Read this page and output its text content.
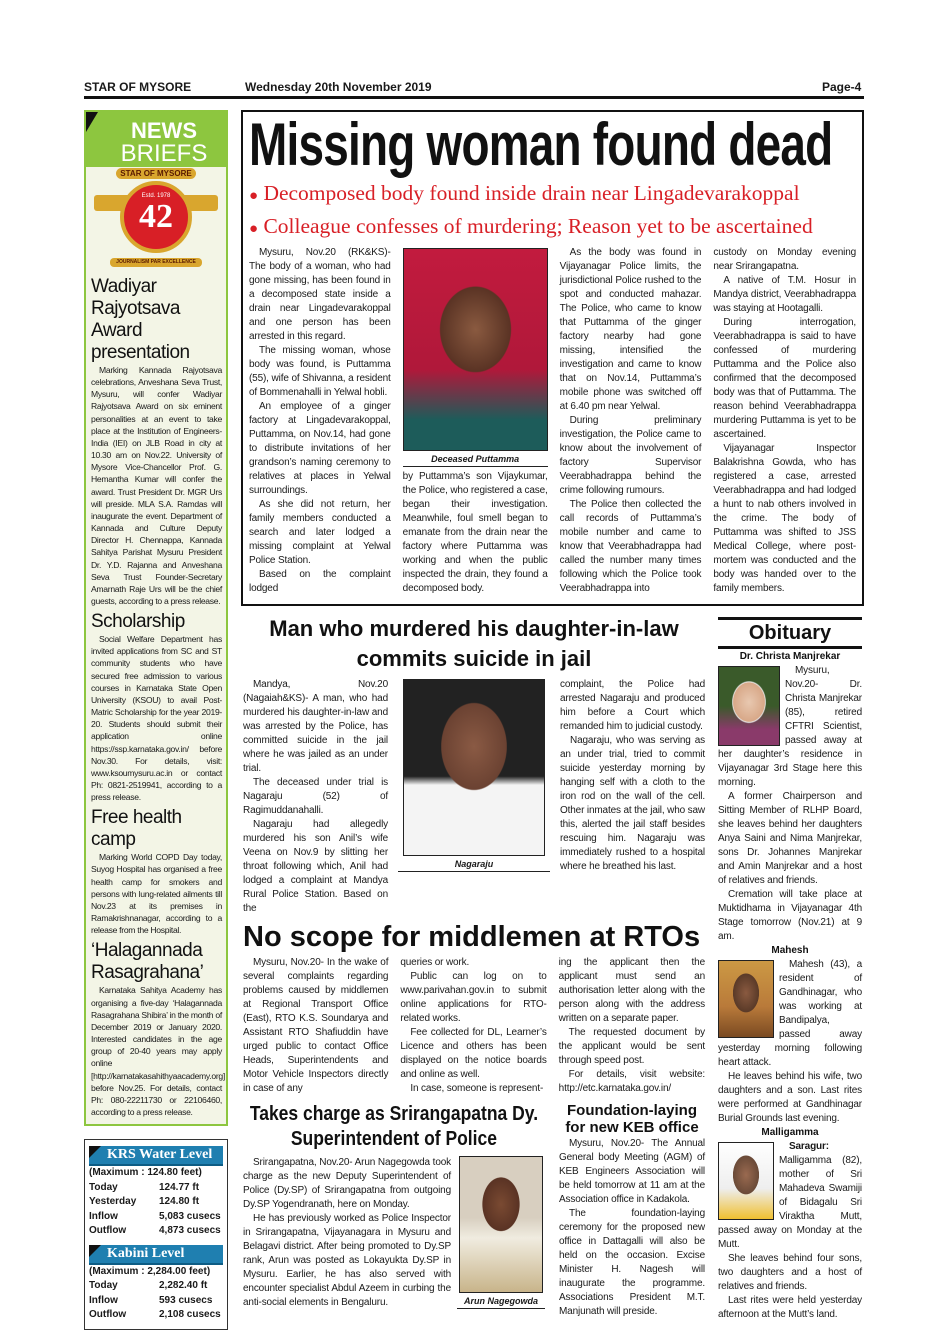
STAR OF MYSORE	Wednesday 20th November 2019	Page-4
NEWS
BRIEFS
Estd. 1978
42
STAR OF MYSORE
JOURNALISM PAR EXCELLENCE
Wadiyar Rajyotsava Award presentation

Marking Kannada Rajyotsava celebrations, Anveshana Seva Trust, Mysuru, will confer Wadiyar Rajyotsava Award on six eminent personalities at an event to take place at the Institution of Engineers-India (IEI) on JLB Road in city at 10.30 am on Nov.22. University of Mysore Vice-Chancellor Prof. G. Hemantha Kumar will confer the award. Trust President Dr. MGR Urs will preside. MLA S.A. Ramdas will inaugurate the event. Department of Kannada and Culture Deputy Director H. Chennappa, Kannada Sahitya Parishat Mysuru President Dr. Y.D. Rajanna and Anveshana Seva Trust Founder-Secretary Amarnath Raje Urs will be the chief guests, according to a press release.

Scholarship

Social Welfare Department has invited applications from SC and ST community students who have secured free admission to various courses in Karnataka State Open University (KSOU) to avail Post-Matric Scholarship for the year 2019-20. Students should submit their application online https://ssp.karnataka.gov.in/ before Nov.30. For details, visit: www.ksoumysuru.ac.in or contact Ph: 0821-2519941, according to a press release.

Free health camp

Marking World COPD Day today, Suyog Hospital has organised a free health camp for smokers and persons with lung-related ailments till Nov.23 at its premises in Ramakrishnanagar, according to a release from the Hospital.

‘Halagannada Rasagrahana’

Karnataka Sahitya Academy has organising a five-day ‘Halagannada Rasagrahana Shibira’ in the month of December 2019 or January 2020. Interested candidates in the age group of 20-40 years may apply online [http://karnatakasahithyaacademy.org] before Nov.25. For details, contact Ph: 080-22211730 or 22106460, according to a press release.

KRS Water Level
(Maximum : 124.80 feet)
Today	124.77 ft
Yesterday	124.80 ft
Inflow	5,083 cusecs
Outflow	4,873 cusecs
Kabini Level
(Maximum : 2,284.00 feet)
Today	2,282.40 ft
Inflow	593 cusecs
Outflow	2,108 cusecs
Missing woman found dead
● Decomposed body found inside drain near Lingadevarakoppal
● Colleague confesses of murdering; Reason yet to be ascertained

Mysuru, Nov.20 (RK&KS)- The body of a woman, who had gone missing, has been found in a decomposed state inside a drain near Lingadevarakoppal and one person has been arrested in this regard.

The missing woman, whose body was found, is Puttamma (55), wife of Shivanna, a resident of Bommenahalli in Yelwal hobli.

An employee of a ginger factory at Lingadevarakoppal, Puttamma, on Nov.14, had gone to distribute invitations of her grandson’s naming ceremony to relatives at places in Yelwal surroundings.

As she did not return, her family members conducted a search and later lodged a missing complaint at Yelwal Police Station.

Based on the complaint lodged

Deceased Puttamma

by Puttamma’s son Vijaykumar, the Police, who registered a case, began their investigation. Meanwhile, foul smell began to emanate from the drain near the factory where Puttamma was working and when the public inspected the drain, they found a decomposed body.

As the body was found in Vijayanagar Police limits, the jurisdictional Police rushed to the spot and conducted mahazar. The Police, who came to know that Puttamma of the ginger factory nearby had gone missing, intensified the investigation and came to know that on Nov.14, Puttamma’s mobile phone was switched off at 6.40 pm near Yelwal.

During preliminary investigation, the Police came to know about the involvement of factory Supervisor Veerabhadrappa behind the crime following rumours.

The Police then collected the call records of Puttamma’s mobile number and came to know that Veerabhadrappa had called the number many times following which the Police took Veerabhadrappa into

custody on Monday evening near Srirangapatna.

A native of T.M. Hosur in Mandya district, Veerabhadrappa was staying at Hootagalli.

During interrogation, Veerabhadrappa is said to have confessed of murdering Puttamma and the Police also confirmed that the decomposed body was that of Puttamma. The reason behind Veerabhadrappa murdering Puttamma is yet to be ascertained.

Vijayanagar Inspector Balakrishna Gowda, who has registered a case, arrested Veerabhadrappa and had lodged a hunt to nab others involved in the crime. The body of Puttamma was shifted to JSS Medical College, where post-mortem was conducted and the body was handed over to the family members.

Man who murdered his daughter-in-law commits suicide in jail

Mandya, Nov.20 (Nagaiah&KS)- A man, who had murdered his daughter-in-law and was arrested by the Police, has committed suicide in the jail where he was jailed as an under trial.

The deceased under trial is Nagaraju (52) of Ragimuddanahalli.

Nagaraju had allegedly murdered his son Anil’s wife Veena on Nov.9 by slitting her throat following which, Anil had lodged a complaint at Mandya Rural Police Station. Based on the

Nagaraju

complaint, the Police had arrested Nagaraju and produced him before a Court which remanded him to judicial custody.

Nagaraju, who was serving as an under trial, tried to commit suicide yesterday morning by hanging self with a cloth to the iron rod on the wall of the cell. Other inmates at the jail, who saw this, alerted the jail staff besides rescuing him. Nagaraju was immediately rushed to a hospital where he breathed his last.

No scope for middlemen at RTOs

Mysuru, Nov.20- In the wake of several complaints regarding problems caused by middlemen at Regional Transport Office (East), RTO K.S. Soundarya and Assistant RTO Shafiuddin have urged public to contact Office Heads, Superintendents and Motor Vehicle Inspectors directly in case of any

queries or work.

Public can log on to www.parivahan.gov.in to submit online applications for RTO-related works.

Fee collected for DL, Learner’s Licence and others has been displayed on the notice boards and online as well.

In case, someone is represent-

ing the applicant then the applicant must send an authorisation letter along with the person along with the address written on a separate paper.

The requested document by the applicant would be sent through speed post.

For details, visit website: http://etc.karnataka.gov.in/

Takes charge as Srirangapatna Dy. Superintendent of Police

Srirangapatna, Nov.20- Arun Nagegowda took charge as the new Deputy Superintendent of Police (Dy.SP) of Srirangapatna from outgoing Dy.SP Yogendranath, here on Monday.

He has previously worked as Police Inspector in Srirangapatna, Vijayanagara in Mysuru and Belagavi district. After being promoted to Dy.SP rank, Arun was posted as Lokayukta Dy.SP in Mysuru. Earlier, he has also served with encounter specialist Abdul Azeem in curbing the anti-social elements in Bengaluru.	Arun Nagegowda
Foundation-laying for new KEB office

Mysuru, Nov.20- The Annual General body Meeting (AGM) of KEB Engineers Association will be held tomorrow at 11 am at the Association office in Kadakola.

The foundation-laying ceremony for the proposed new office in Dattagalli will also be held on the occasion. Excise Minister H. Nagesh will inaugurate the programme. Associations President M.T. Manjunath will preside.

Obituary
Dr. Christa Manjrekar

Mysuru, Nov.20- Dr. Christa Manjrekar (85), retired CFTRI Scientist, passed away at her daughter’s residence in Vijayanagar 3rd Stage here this morning.

A former Chairperson and Sitting Member of RLHP Board, she leaves behind her daughters Anya Saini and Nima Manjrekar, sons Dr. Johannes Manjrekar and Amin Manjrekar and a host of relatives and friends.

Cremation will take place at Muktidhama in Vijayanagar 4th Stage tomorrow (Nov.21) at 9 am.

Mahesh

Mahesh (43), a resident of Gandhinagar, who was working at Bandipalya, passed away yesterday morning following heart attack.

He leaves behind his wife, two daughters and a son. Last rites were performed at Gandhinagar Burial Grounds last evening.

Malligamma

Saragur: Malligamma (82), mother of Sri Mahadeva Swamiji of Bidagalu Sri Viraktha Mutt, passed away on Monday at the Mutt.

She leaves behind four sons, two daughters and a host of relatives and friends.

Last rites were held yesterday afternoon at the Mutt’s land.
